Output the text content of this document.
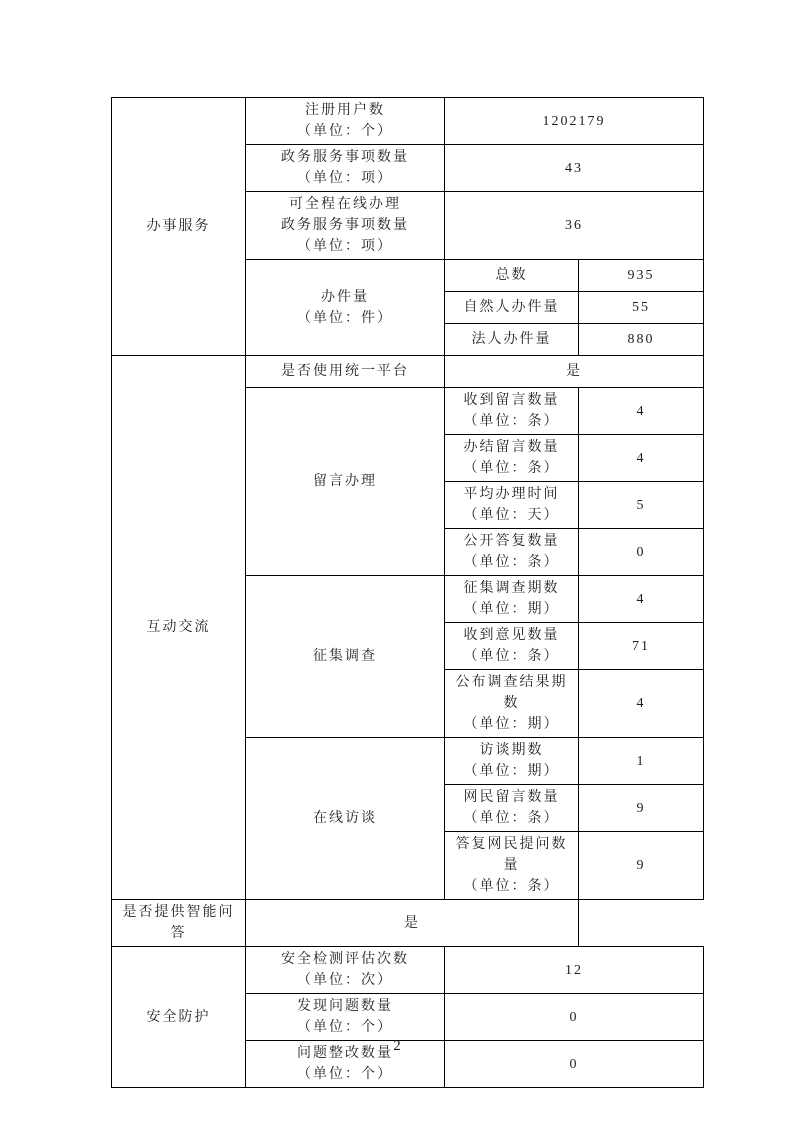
办事服务	注册用户数
（单位：个）	1202179	

	政务服务事项数量
（单位：项）	43	

	可全程在线办理
政务服务事项数量
（单位：项）	36	

	办件量
（单位：件）	总数	935
		自然人办件量	55
		法人办件量	880
互动交流	是否使用统一平台	是	
	留言办理	收到留言数量
（单位：条）	4

		办结留言数量
（单位：条）	4

		平均办理时间
（单位：天）	5

		公开答复数量
（单位：条）	0
	征集调查	征集调查期数
（单位：期）	4

		收到意见数量
（单位：条）	71

		公布调查结果期数
（单位：期）	4
	在线访谈	访谈期数
（单位：期）	1

		网民留言数量
（单位：条）	9

		答复网民提问数量
（单位：条）	9
是否提供智能问答	是		
安全防护	安全检测评估次数
（单位：次）	12	

	发现问题数量
（单位：个）	0	

	问题整改数量
（单位：个）	0	
2
